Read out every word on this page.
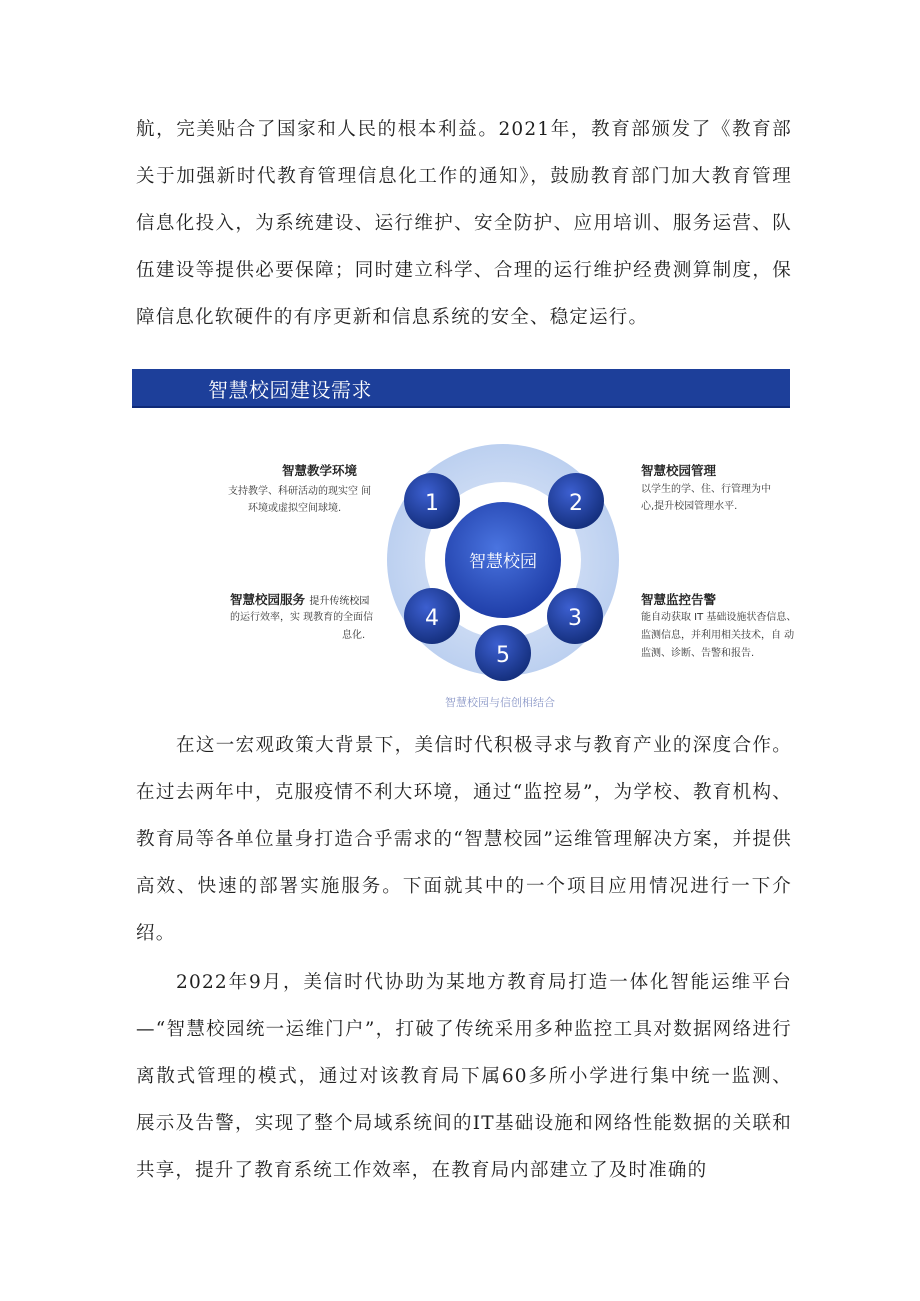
航，完美贴合了国家和人民的根本利益。2021年，教育部颁发了《教育部关于加强新时代教育管理信息化工作的通知》，鼓励教育部门加大教育管理信息化投入，为系统建设、运行维护、安全防护、应用培训、服务运营、队伍建设等提供必要保障；同时建立科学、合理的运行维护经费测算制度，保障信息化软硬件的有序更新和信息系统的安全、稳定运行。

智慧校园建设需求
智慧校园
1	2
3
4
5
智慧教学环境
支持教学、科研活动的现实空 间
环境或虚拟空间球境.
智慧校园管理
以学生的学、住、行管理为中
心,提升校园管理水平.
智慧监控告警
能自动获取 IT 基础设施状杳信息、
监测信息，并利用相关技术，自 动
监测、诊断、告警和报告.
智慧校园服务 提升传统校园
的运行效率，实 现教育的全面信
息化.
智慧校园与信创相结合

在这一宏观政策大背景下，美信时代积极寻求与教育产业的深度合作。在过去两年中，克服疫情不利大环境，通过“监控易”，为学校、教育机构、教育局等各单位量身打造合乎需求的“智慧校园”运维管理解决方案，并提供高效、快速的部署实施服务。下面就其中的一个项目应用情况进行一下介绍。

2022年9月，美信时代协助为某地方教育局打造一体化智能运维平台—“智慧校园统一运维门户”，打破了传统采用多种监控工具对数据网络进行离散式管理的模式，通过对该教育局下属60多所小学进行集中统一监测、展示及告警，实现了整个局域系统间的IT基础设施和网络性能数据的关联和共享，提升了教育系统工作效率，在教育局内部建立了及时准确的
